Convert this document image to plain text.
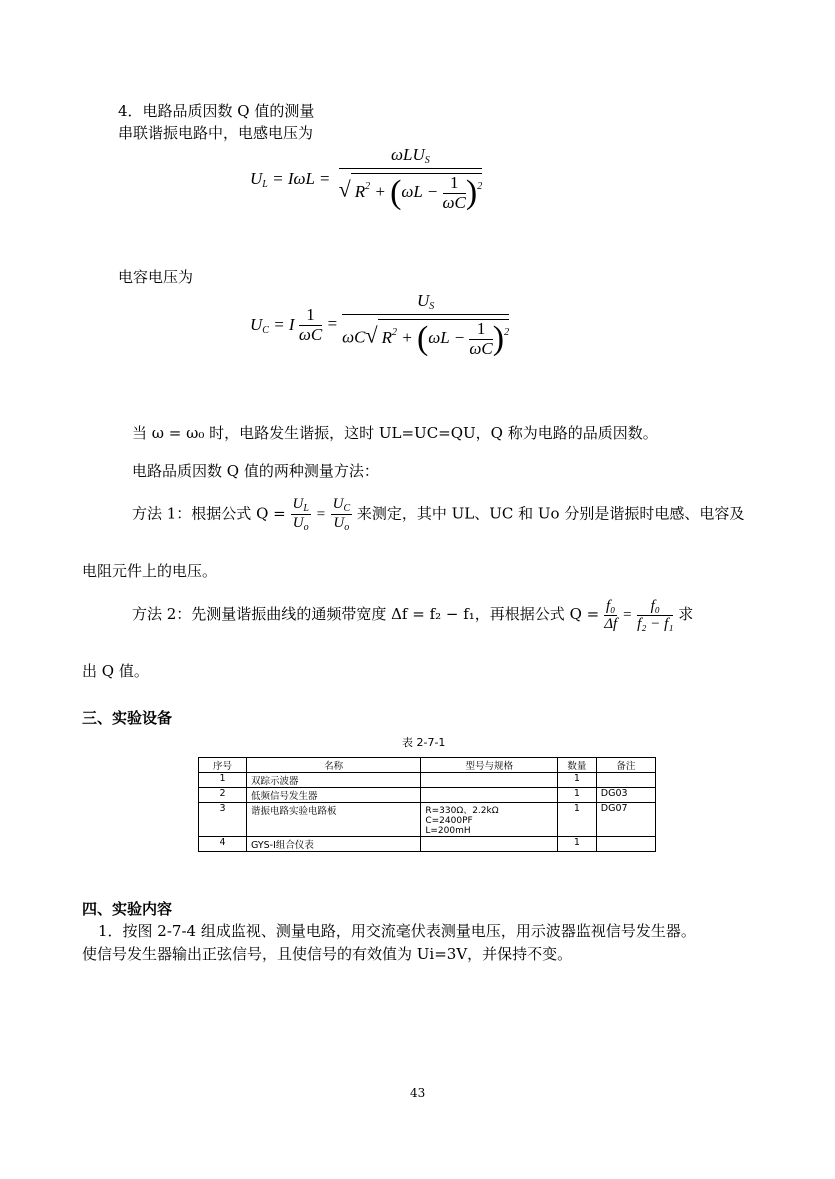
4．电路品质因数 Q 值的测量
串联谐振电路中，电感电压为
$U_L = I\omega L = \frac{\omega LU_S}{√ R^2 + (\omega L - \frac{1}{\omega C} )^2}$
电容电压为
$U_C = I \frac{1}{\omega C} = \frac{U_S}{\omega C√ R^2 + (\omega L - \frac{1}{\omega C} )^2}$
当 ω = ω₀ 时，电路发生谐振，这时 UL=UC=QU，Q 称为电路的品质因数。
电路品质因数 Q 值的两种测量方法：
方法 1：根据公式 $Q = \frac{U_L}{U_o} = \frac{U_C}{U_o}$ 来测定，其中 UL、UC 和 Uo 分别是谐振时电感、电容及
电阻元件上的电压。
方法 2：先测量谐振曲线的通频带宽度 Δf = f₂ − f₁，再根据公式 $Q = \frac{\text{f₀}}{\Delta f} = \frac{\text{f₀}}{\text{f₂ − f₁}}$ 求
出 Q 值。
三、实验设备
表 2-7-1
序号	名称	型号与规格	数量	备注
1	双踪示波器		1	
2	低频信号发生器		1	DG03
3	谐振电路实验电路板	R=330Ω、2.2kΩ
C=2400PF
L=200mH	1	DG07
4	GYS-Ⅰ组合仪表		1	
四、实验内容
1．按图 2-7-4 组成监视、测量电路，用交流毫伏表测量电压，用示波器监视信号发生器。
使信号发生器输出正弦信号，且使信号的有效值为 Ui=3V，并保持不变。
43
